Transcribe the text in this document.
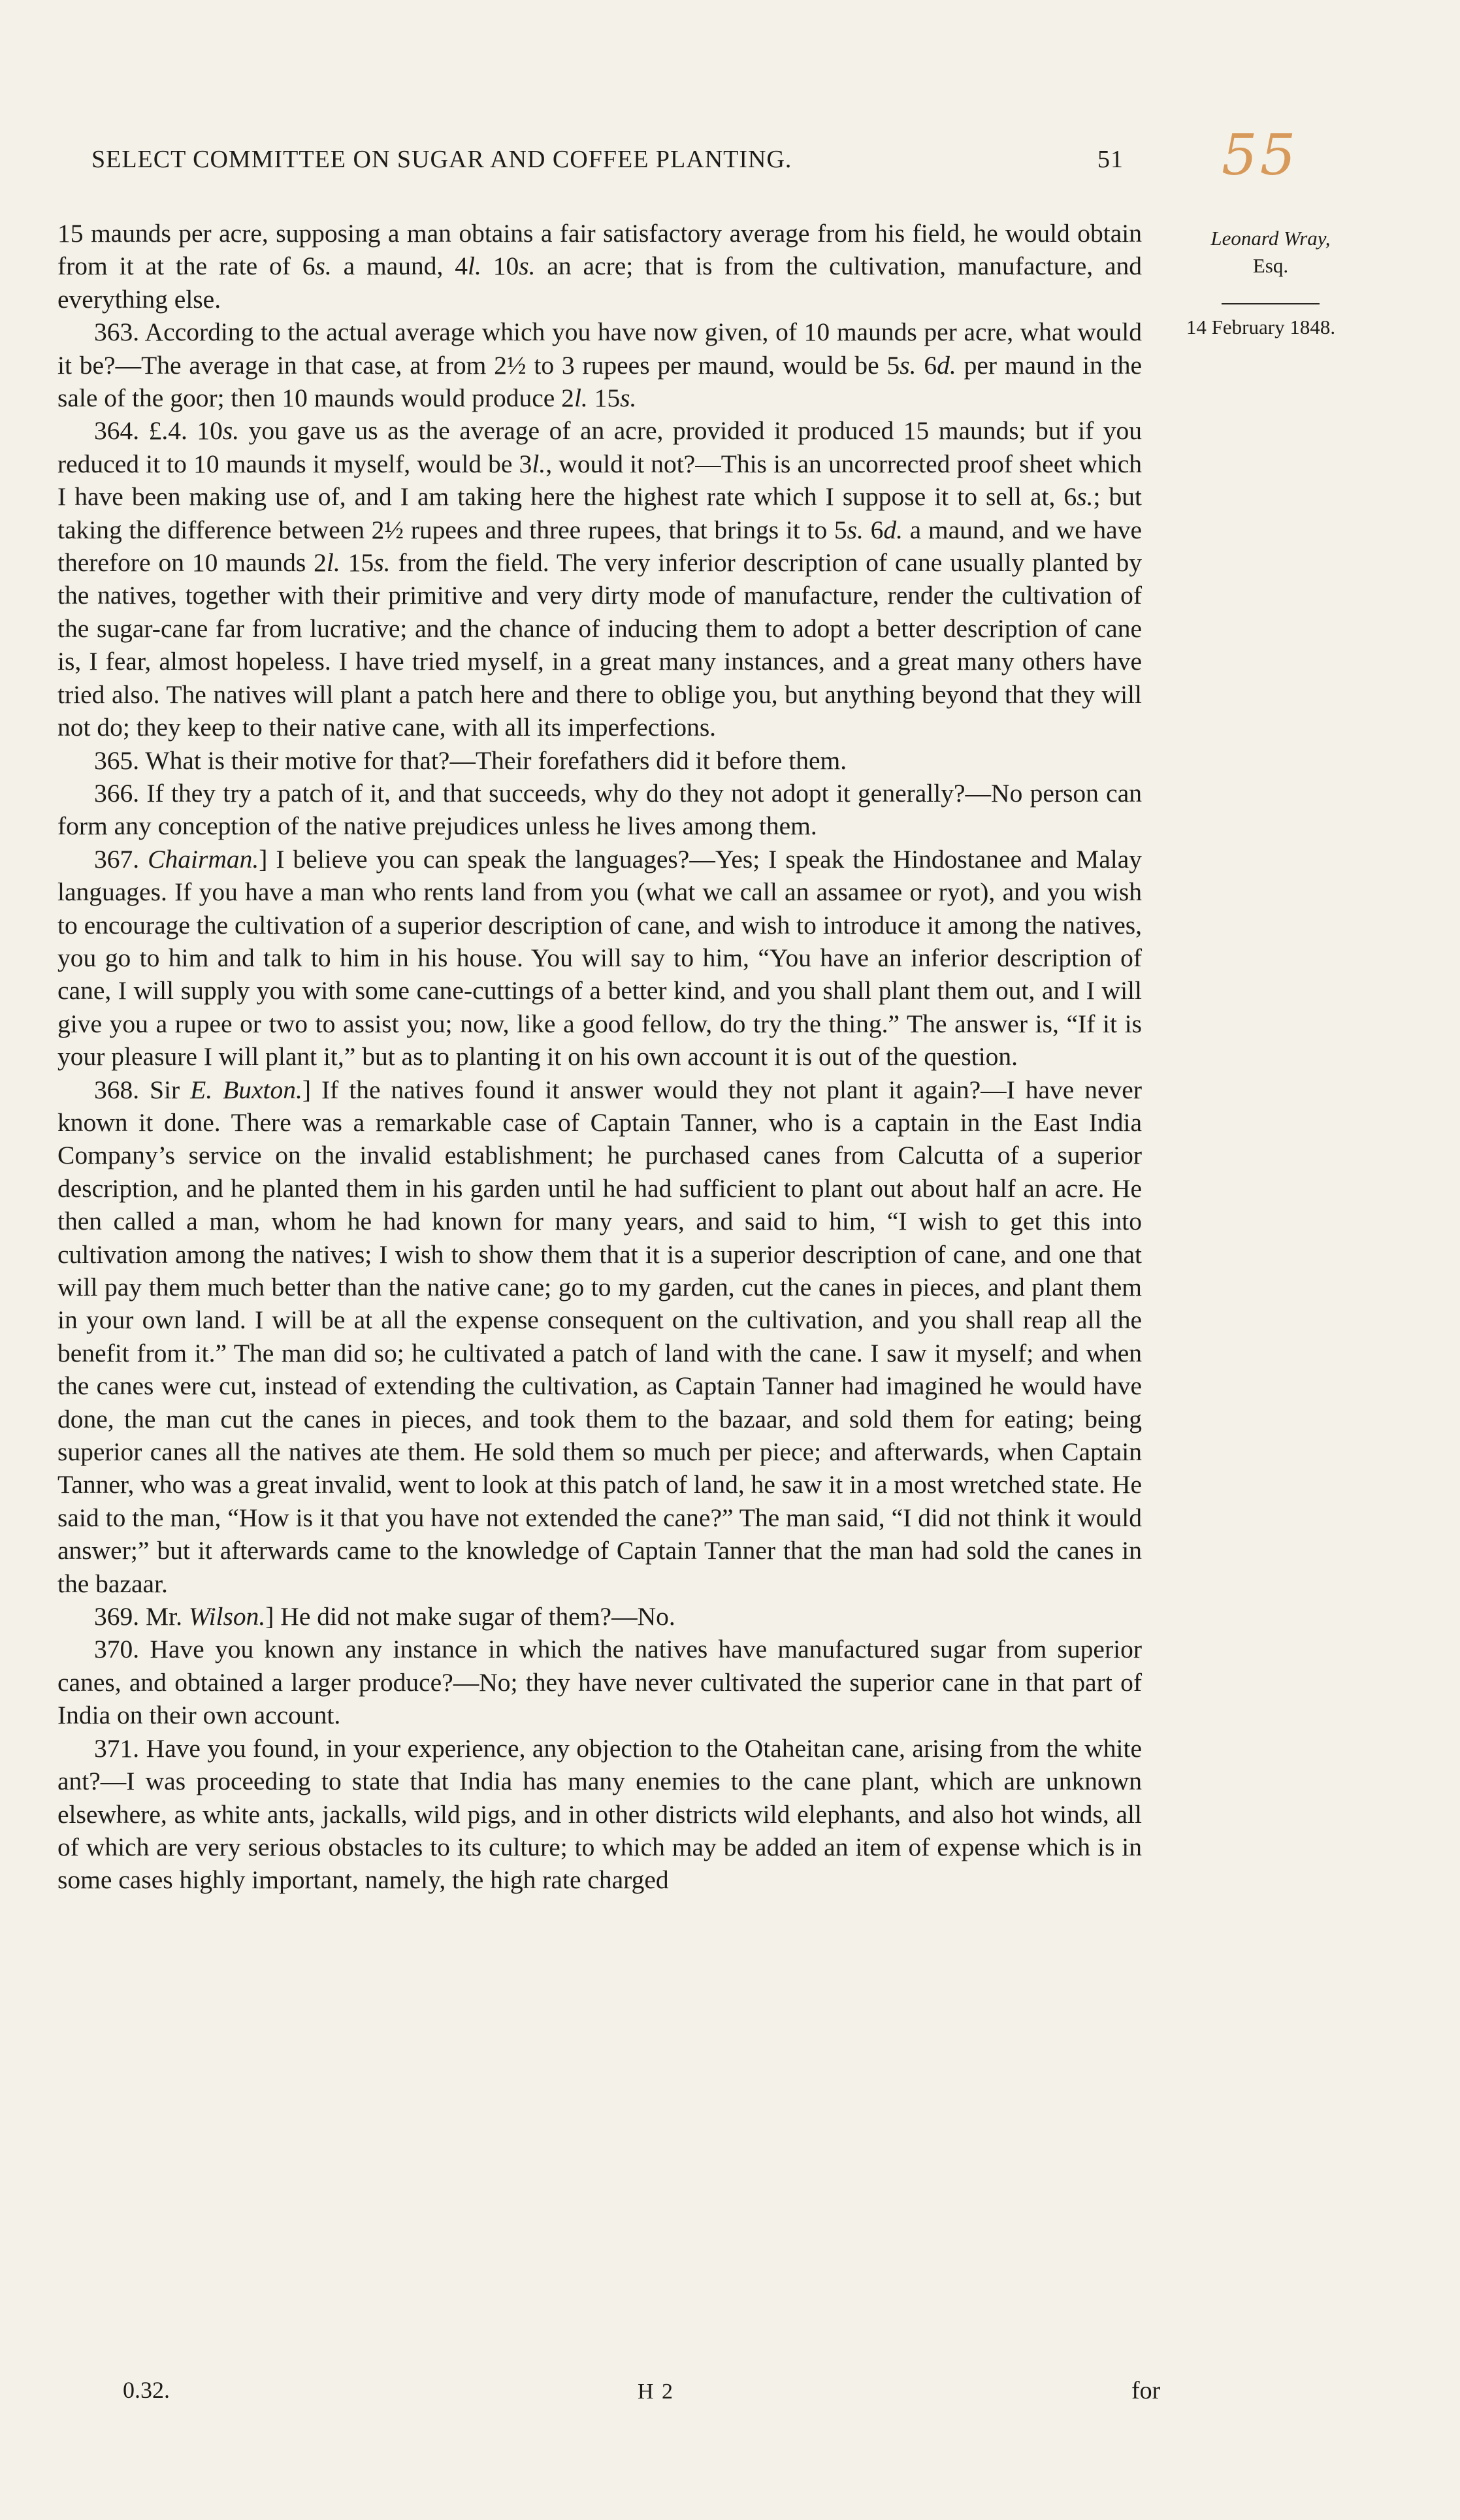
SELECT COMMITTEE ON SUGAR AND COFFEE PLANTING.	51 55
Leonard Wray,
Esq.
14 February 1848.

15 maunds per acre, supposing a man obtains a fair satisfactory average from his field, he would obtain from it at the rate of 6s. a maund, 4l. 10s. an acre; that is from the cultivation, manufacture, and everything else.

363. According to the actual average which you have now given, of 10 maunds per acre, what would it be?—The average in that case, at from 2½ to 3 rupees per maund, would be 5s. 6d. per maund in the sale of the goor; then 10 maunds would produce 2l. 15s.

364. £.4. 10s. you gave us as the average of an acre, provided it produced 15 maunds; but if you reduced it to 10 maunds it myself, would be 3l., would it not?—This is an uncorrected proof sheet which I have been making use of, and I am taking here the highest rate which I suppose it to sell at, 6s.; but taking the difference between 2½ rupees and three rupees, that brings it to 5s. 6d. a maund, and we have therefore on 10 maunds 2l. 15s. from the field. The very inferior description of cane usually planted by the natives, together with their primitive and very dirty mode of manufacture, render the cultivation of the sugar-cane far from lucrative; and the chance of inducing them to adopt a better description of cane is, I fear, almost hopeless. I have tried myself, in a great many instances, and a great many others have tried also. The natives will plant a patch here and there to oblige you, but anything beyond that they will not do; they keep to their native cane, with all its imperfections.

365. What is their motive for that?—Their forefathers did it before them.

366. If they try a patch of it, and that succeeds, why do they not adopt it generally?—No person can form any conception of the native prejudices unless he lives among them.

367. Chairman.] I believe you can speak the languages?—Yes; I speak the Hindostanee and Malay languages. If you have a man who rents land from you (what we call an assamee or ryot), and you wish to encourage the cultivation of a superior description of cane, and wish to introduce it among the natives, you go to him and talk to him in his house. You will say to him, “You have an inferior description of cane, I will supply you with some cane-cuttings of a better kind, and you shall plant them out, and I will give you a rupee or two to assist you; now, like a good fellow, do try the thing.” The answer is, “If it is your pleasure I will plant it,” but as to planting it on his own account it is out of the question.

368. Sir E. Buxton.] If the natives found it answer would they not plant it again?—I have never known it done. There was a remarkable case of Captain Tanner, who is a captain in the East India Company’s service on the invalid establishment; he purchased canes from Calcutta of a superior description, and he planted them in his garden until he had sufficient to plant out about half an acre. He then called a man, whom he had known for many years, and said to him, “I wish to get this into cultivation among the natives; I wish to show them that it is a superior description of cane, and one that will pay them much better than the native cane; go to my garden, cut the canes in pieces, and plant them in your own land. I will be at all the expense consequent on the cultivation, and you shall reap all the benefit from it.” The man did so; he cultivated a patch of land with the cane. I saw it myself; and when the canes were cut, instead of extending the cultivation, as Captain Tanner had imagined he would have done, the man cut the canes in pieces, and took them to the bazaar, and sold them for eating; being superior canes all the natives ate them. He sold them so much per piece; and afterwards, when Captain Tanner, who was a great invalid, went to look at this patch of land, he saw it in a most wretched state. He said to the man, “How is it that you have not extended the cane?” The man said, “I did not think it would answer;” but it afterwards came to the knowledge of Captain Tanner that the man had sold the canes in the bazaar.

369. Mr. Wilson.] He did not make sugar of them?—No.

370. Have you known any instance in which the natives have manufactured sugar from superior canes, and obtained a larger produce?—No; they have never cultivated the superior cane in that part of India on their own account.

371. Have you found, in your experience, any objection to the Otaheitan cane, arising from the white ant?—I was proceeding to state that India has many enemies to the cane plant, which are unknown elsewhere, as white ants, jackalls, wild pigs, and in other districts wild elephants, and also hot winds, all of which are very serious obstacles to its culture; to which may be added an item of expense which is in some cases highly important, namely, the high rate charged

0.32.	H 2	for
